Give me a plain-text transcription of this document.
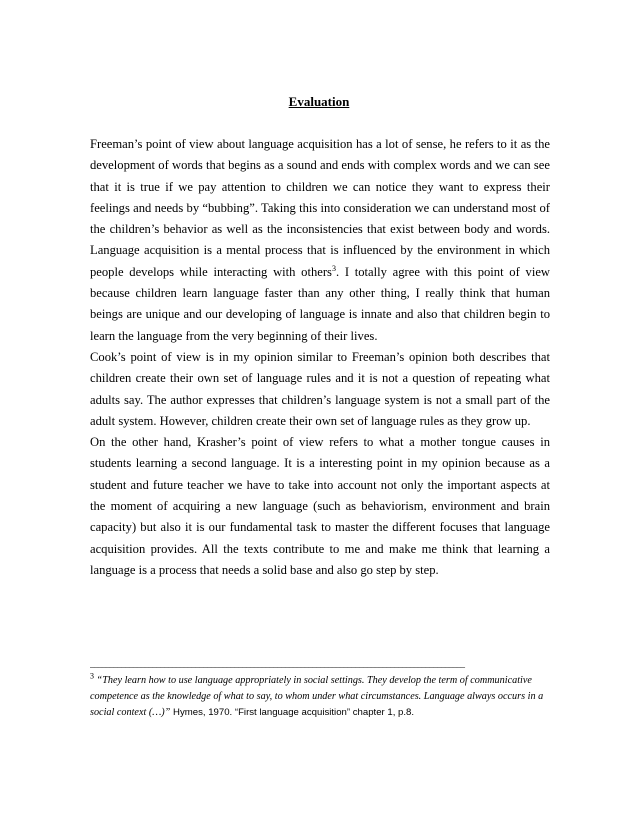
Evaluation

Freeman’s point of view about language acquisition has a lot of sense, he refers to it as the development of words that begins as a sound and ends with complex words and we can see that it is true if we pay attention to children we can notice they want to express their feelings and needs by “bubbing”. Taking this into consideration we can understand most of the children’s behavior as well as the inconsistencies that exist between body and words. Language acquisition is a mental process that is influenced by the environment in which people develops while interacting with others$^3$. I totally agree with this point of view because children learn language faster than any other thing, I really think that human beings are unique and our developing of language is innate and also that children begin to learn the language from the very beginning of their lives.

Cook’s point of view is in my opinion similar to Freeman’s opinion both describes that children create their own set of language rules and it is not a question of repeating what adults say. The author expresses that children’s language system is not a small part of the adult system. However, children create their own set of language rules as they grow up.

On the other hand, Krasher’s point of view refers to what a mother tongue causes in students learning a second language. It is a interesting point in my opinion because as a student and future teacher we have to take into account not only the important aspects at the moment of acquiring a new language (such as behaviorism, environment and brain capacity) but also it is our fundamental task to master the different focuses that language acquisition provides. All the texts contribute to me and make me think that learning a language is a process that needs a solid base and also go step by step.

________________________________________________________________________________________________
$^3$ “They learn how to use language appropriately in social settings. They develop the term of communicative competence as the knowledge of what to say, to whom under what circumstances. Language always occurs in a social context (…)” Hymes, 1970. “First language acquisition” chapter 1, p.8.
